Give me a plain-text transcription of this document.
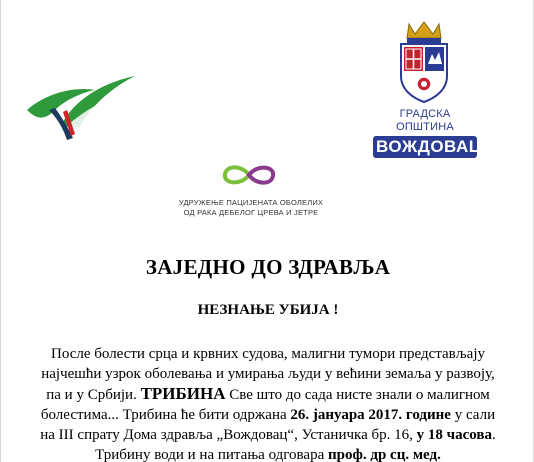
ГРАДСКА ОПШТИНА
ВОЖДОВАЦ
УДРУЖЕЊЕ ПАЦИЈЕНАТА ОБОЛЕЛИХ
ОД РАКА ДЕБЕЛОГ ЦРЕВА И ЈЕТРЕ
ЗАЈЕДНО ДО ЗДРАВЉА
НЕЗНАЊЕ УБИЈА !
После болести срца и крвних судова, малигни тумори представљају
најчешћи узрок оболевања и умирања људи у већини земаља у развоју,
па и у Србији. ТРИБИНА Све што до сада нисте знали о малигном
болестима... Трибина ће бити одржана 26. јануара 2017. године у сали
на III спрату Дома здравља „Вождовац“, Устаничка бр. 16, у 18 часова.
Трибину води и на питања одговара проф. др сц. мед.
